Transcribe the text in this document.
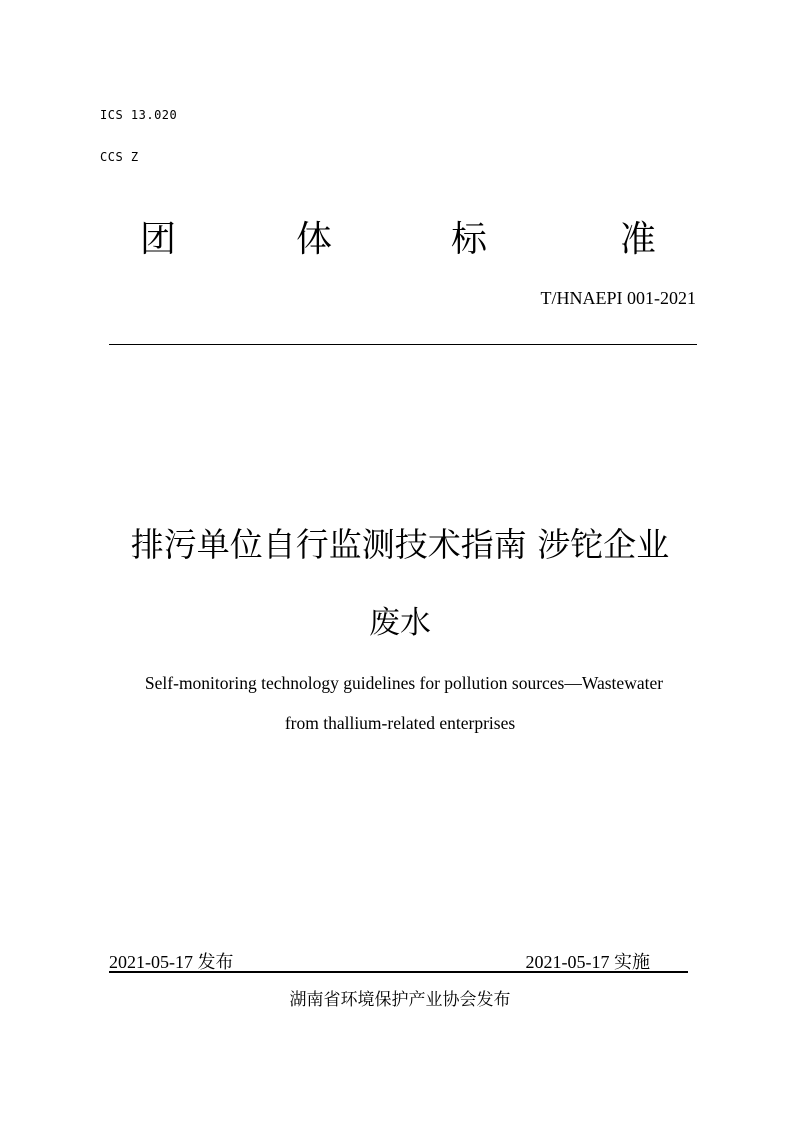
ICS 13.020
CCS Z
团	体	标	准
T/HNAEPI 001-2021
排污单位自行监测技术指南 涉铊企业
废水
Self-monitoring technology guidelines for pollution sources—Wastewater
from thallium-related enterprises
2021-05-17 发布	2021-05-17 实施
湖南省环境保护产业协会发布
